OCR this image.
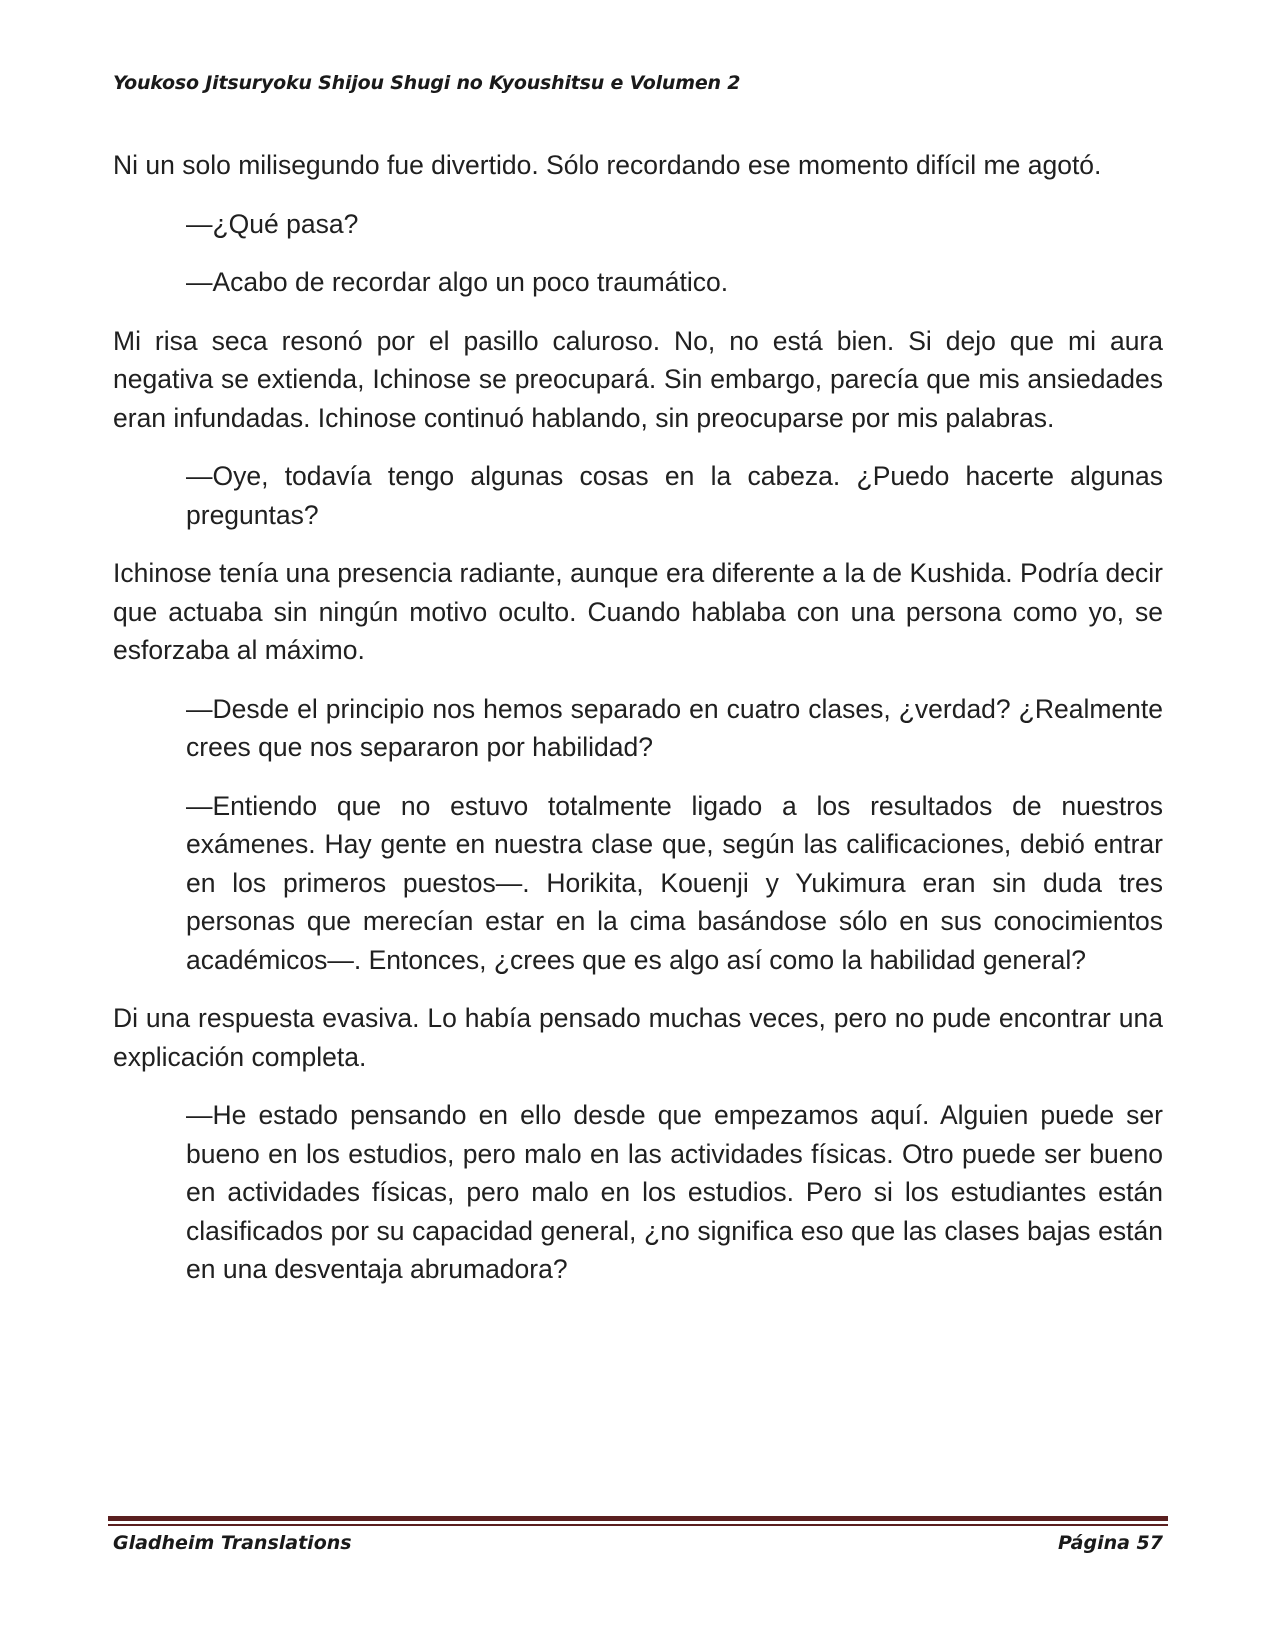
Youkoso Jitsuryoku Shijou Shugi no Kyoushitsu e Volumen 2

Ni un solo milisegundo fue divertido. Sólo recordando ese momento difícil me agotó.

—¿Qué pasa?

—Acabo de recordar algo un poco traumático.

Mi risa seca resonó por el pasillo caluroso. No, no está bien. Si dejo que mi aura negativa se extienda, Ichinose se preocupará. Sin embargo, parecía que mis ansiedades eran infundadas. Ichinose continuó hablando, sin preocuparse por mis palabras.

—Oye, todavía tengo algunas cosas en la cabeza. ¿Puedo hacerte algunas preguntas?

Ichinose tenía una presencia radiante, aunque era diferente a la de Kushida. Podría decir que actuaba sin ningún motivo oculto. Cuando hablaba con una persona como yo, se esforzaba al máximo.

—Desde el principio nos hemos separado en cuatro clases, ¿verdad? ¿Realmente crees que nos separaron por habilidad?

—Entiendo que no estuvo totalmente ligado a los resultados de nuestros exámenes. Hay gente en nuestra clase que, según las calificaciones, debió entrar en los primeros puestos—. Horikita, Kouenji y Yukimura eran sin duda tres personas que merecían estar en la cima basándose sólo en sus conocimientos académicos—. Entonces, ¿crees que es algo así como la habilidad general?

Di una respuesta evasiva. Lo había pensado muchas veces, pero no pude encontrar una explicación completa.

—He estado pensando en ello desde que empezamos aquí. Alguien puede ser bueno en los estudios, pero malo en las actividades físicas. Otro puede ser bueno en actividades físicas, pero malo en los estudios. Pero si los estudiantes están clasificados por su capacidad general, ¿no significa eso que las clases bajas están en una desventaja abrumadora?

Gladheim Translations	Página 57
